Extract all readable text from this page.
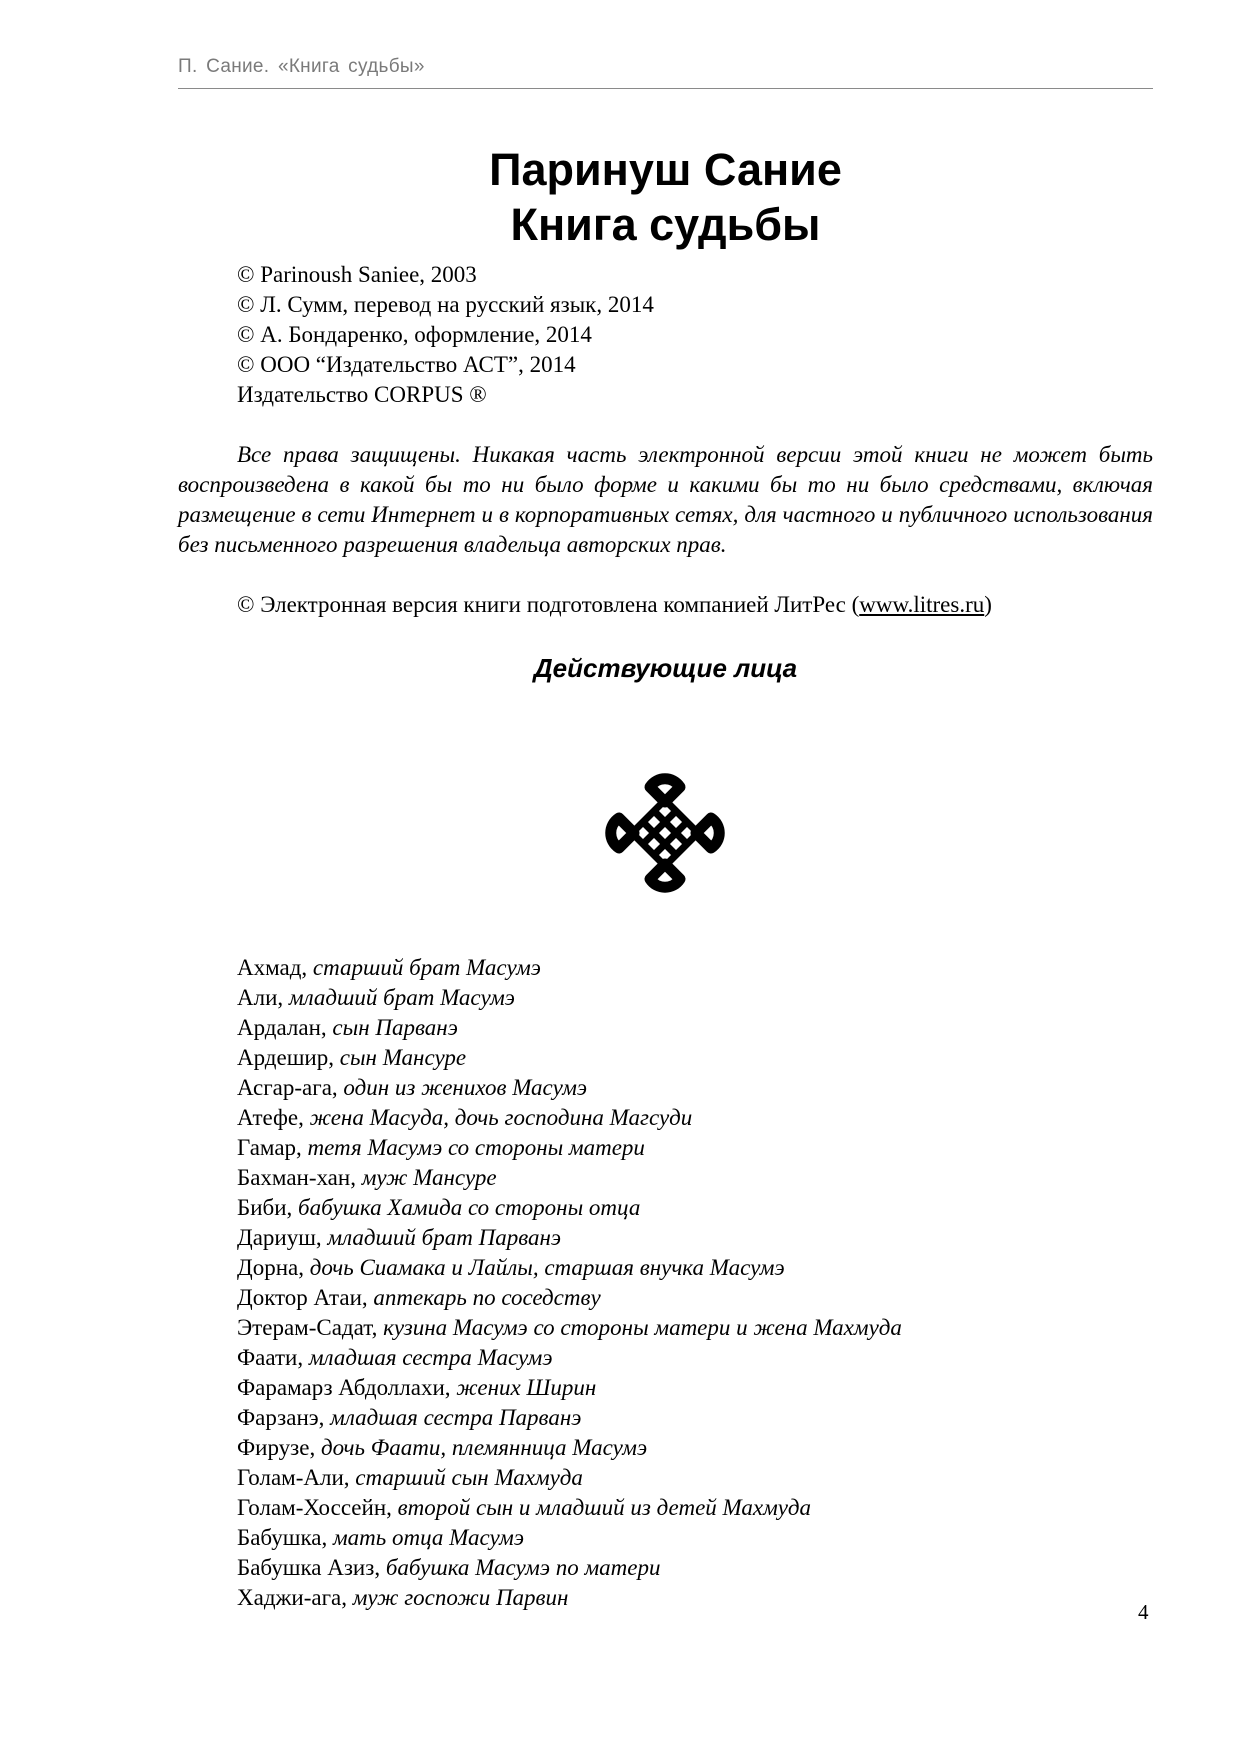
П. Сание. «Книга судьбы»
Паринуш Сание
Книга судьбы
© Parinoush Saniee, 2003
© Л. Сумм, перевод на русский язык, 2014
© А. Бондаренко, оформление, 2014
© ООО “Издательство АСТ”, 2014
Издательство CORPUS ®
Все права защищены. Никакая часть электронной версии этой книги не может быть воспроизведена в какой бы то ни было форме и какими бы то ни было средствами, включая размещение в сети Интернет и в корпоративных сетях, для частного и публичного использования без письменного разрешения владельца авторских прав.
© Электронная версия книги подготовлена компанией ЛитРес (www.litres.ru)
Действующие лица
Ахмад, старший брат Масумэ
Али, младший брат Масумэ
Ардалан, сын Парванэ
Ардешир, сын Мансуре
Асгар-ага, один из женихов Масумэ
Атефе, жена Масуда, дочь господина Магсуди
Гамар, тетя Масумэ со стороны матери
Бахман-хан, муж Мансуре
Биби, бабушка Хамида со стороны отца
Дариуш, младший брат Парванэ
Дорна, дочь Сиамака и Лайлы, старшая внучка Масумэ
Доктор Атаи, аптекарь по соседству
Этерам-Садат, кузина Масумэ со стороны матери и жена Махмуда
Фаати, младшая сестра Масумэ
Фарамарз Абдоллахи, жених Ширин
Фарзанэ, младшая сестра Парванэ
Фирузе, дочь Фаати, племянница Масумэ
Голам-Али, старший сын Махмуда
Голам-Хоссейн, второй сын и младший из детей Махмуда
Бабушка, мать отца Масумэ
Бабушка Азиз, бабушка Масумэ по матери
Хаджи-ага, муж госпожи Парвин
4
